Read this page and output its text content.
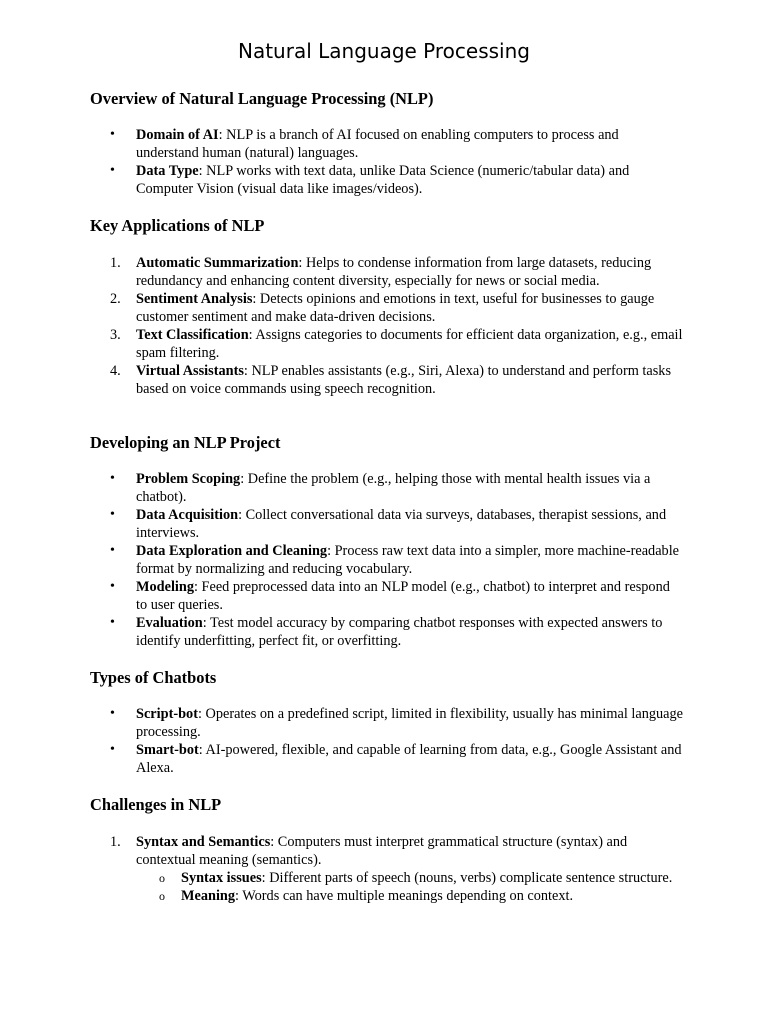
Natural Language Processing
Overview of Natural Language Processing (NLP)
•	Domain of AI: NLP is a branch of AI focused on enabling computers to process and understand human (natural) languages.
•	Data Type: NLP works with text data, unlike Data Science (numeric/tabular data) and Computer Vision (visual data like images/videos).
Key Applications of NLP
1.	Automatic Summarization: Helps to condense information from large datasets, reducing redundancy and enhancing content diversity, especially for news or social media.
2.	Sentiment Analysis: Detects opinions and emotions in text, useful for businesses to gauge customer sentiment and make data-driven decisions.
3.	Text Classification: Assigns categories to documents for efficient data organization, e.g., email spam filtering.
4.	Virtual Assistants: NLP enables assistants (e.g., Siri, Alexa) to understand and perform tasks based on voice commands using speech recognition.
Developing an NLP Project
•	Problem Scoping: Define the problem (e.g., helping those with mental health issues via a chatbot).
•	Data Acquisition: Collect conversational data via surveys, databases, therapist sessions, and interviews.
•	Data Exploration and Cleaning: Process raw text data into a simpler, more machine-readable format by normalizing and reducing vocabulary.
•	Modeling: Feed preprocessed data into an NLP model (e.g., chatbot) to interpret and respond to user queries.
•	Evaluation: Test model accuracy by comparing chatbot responses with expected answers to identify underfitting, perfect fit, or overfitting.
Types of Chatbots
•	Script-bot: Operates on a predefined script, limited in flexibility, usually has minimal language processing.
•	Smart-bot: AI-powered, flexible, and capable of learning from data, e.g., Google Assistant and Alexa.
Challenges in NLP
1.	Syntax and Semantics: Computers must interpret grammatical structure (syntax) and contextual meaning (semantics).
o Syntax issues: Different parts of speech (nouns, verbs) complicate sentence structure.
o Meaning: Words can have multiple meanings depending on context.
